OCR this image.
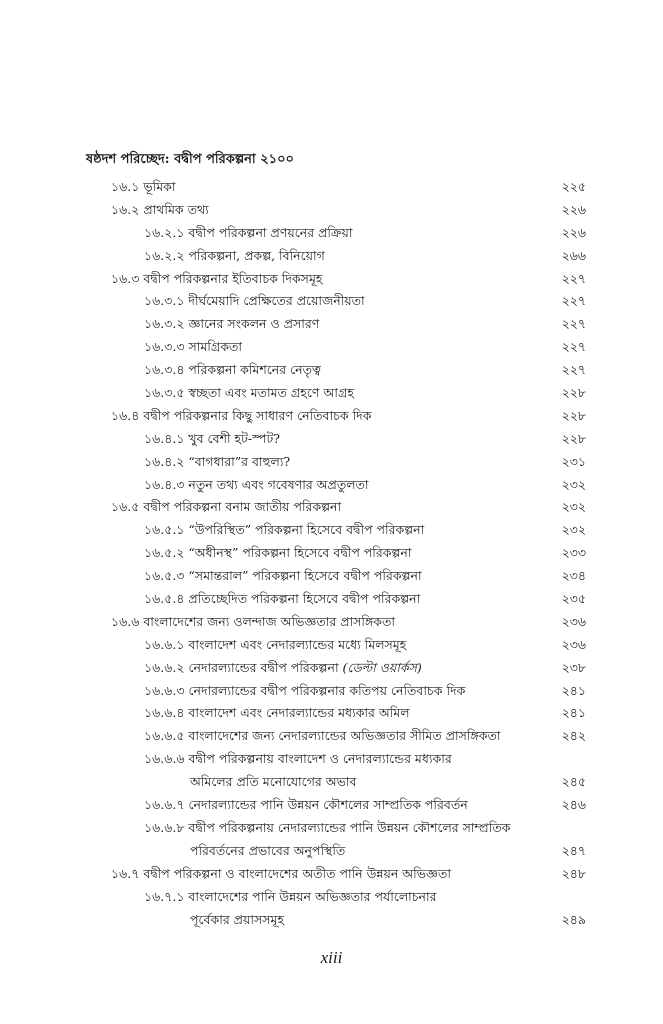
ষষ্ঠদশ পরিচ্ছেদ: বদ্বীপ পরিকল্পনা ২১০০
১৬.১ ভূমিকা	২২৫
১৬.২ প্রাথমিক তথ্য	২২৬
১৬.২.১ বদ্বীপ পরিকল্পনা প্রণয়নের প্রক্রিয়া	২২৬
১৬.২.২ পরিকল্পনা, প্রকল্প, বিনিয়োগ	২৬৬
১৬.৩ বদ্বীপ পরিকল্পনার ইতিবাচক দিকসমূহ	২২৭
১৬.৩.১ দীর্ঘমেয়াদি প্রেক্ষিতের প্রয়োজনীয়তা	২২৭
১৬.৩.২ জ্ঞানের সংকলন ও প্রসারণ	২২৭
১৬.৩.৩ সামগ্রিকতা	২২৭
১৬.৩.৪ পরিকল্পনা কমিশনের নেতৃত্ব	২২৭
১৬.৩.৫ স্বচ্ছতা এবং মতামত গ্রহণে আগ্রহ	২২৮
১৬.৪ বদ্বীপ পরিকল্পনার কিছু সাধারণ নেতিবাচক দিক	২২৮
১৬.৪.১ খুব বেশী হট-স্পট?	২২৮
১৬.৪.২ “বাগধারা”র বাহুল্য?	২৩১
১৬.৪.৩ নতুন তথ্য এবং গবেষণার অপ্রতুলতা	২৩২
১৬.৫ বদ্বীপ পরিকল্পনা বনাম জাতীয় পরিকল্পনা	২৩২
১৬.৫.১ “উপরিস্থিত” পরিকল্পনা হিসেবে বদ্বীপ পরিকল্পনা	২৩২
১৬.৫.২ “অধীনস্থ” পরিকল্পনা হিসেবে বদ্বীপ পরিকল্পনা	২৩৩
১৬.৫.৩ “সমান্তরাল” পরিকল্পনা হিসেবে বদ্বীপ পরিকল্পনা	২৩৪
১৬.৫.৪ প্রতিচ্ছেদিত পরিকল্পনা হিসেবে বদ্বীপ পরিকল্পনা	২৩৫
১৬.৬ বাংলাদেশের জন্য ওলন্দাজ অভিজ্ঞতার প্রাসঙ্গিকতা	২৩৬
১৬.৬.১ বাংলাদেশ এবং নেদারল্যান্ডের মধ্যে মিলসমূহ	২৩৬
১৬.৬.২ নেদারল্যান্ডের বদ্বীপ পরিকল্পনা (ডেল্টা ওয়ার্কস)	২৩৮
১৬.৬.৩ নেদারল্যান্ডের বদ্বীপ পরিকল্পনার কতিপয় নেতিবাচক দিক	২৪১
১৬.৬.৪ বাংলাদেশ এবং নেদারল্যান্ডের মধ্যকার অমিল	২৪১
১৬.৬.৫ বাংলাদেশের জন্য নেদারল্যান্ডের অভিজ্ঞতার সীমিত প্রাসঙ্গিকতা	২৪২
১৬.৬.৬ বদ্বীপ পরিকল্পনায় বাংলাদেশ ও নেদারল্যান্ডের মধ্যকার
অমিলের প্রতি মনোযোগের অভাব	২৪৫
১৬.৬.৭ নেদারল্যান্ডের পানি উন্নয়ন কৌশলের সাম্প্রতিক পরিবর্তন	২৪৬
১৬.৬.৮ বদ্বীপ পরিকল্পনায় নেদারল্যান্ডের পানি উন্নয়ন কৌশলের সাম্প্রতিক
পরিবর্তনের প্রভাবের অনুপস্থিতি	২৪৭
১৬.৭ বদ্বীপ পরিকল্পনা ও বাংলাদেশের অতীত পানি উন্নয়ন অভিজ্ঞতা	২৪৮
১৬.৭.১ বাংলাদেশের পানি উন্নয়ন অভিজ্ঞতার পর্যালোচনার
পূর্বেকার প্রয়াসসমূহ	২৪৯
xiii
